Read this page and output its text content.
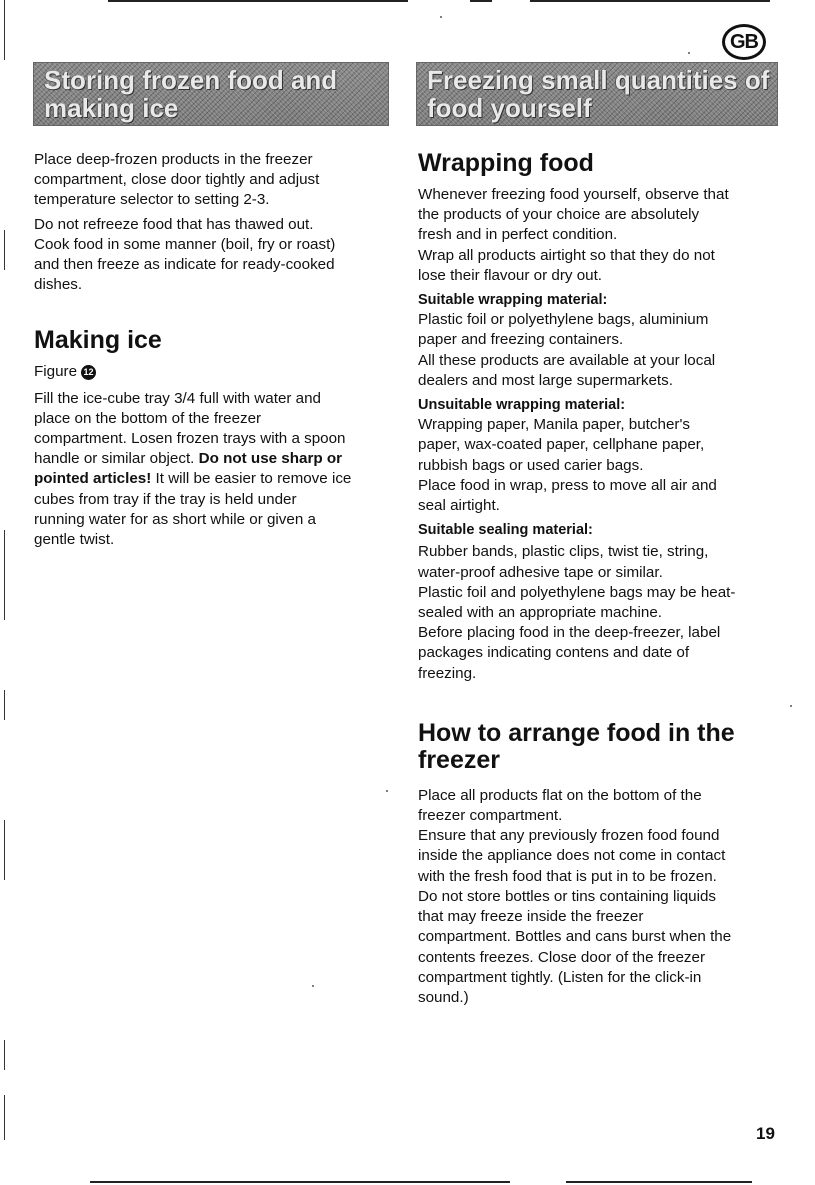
GB
Storing frozen food and
making ice
Freezing small quantities of
food yourself

Place deep-frozen products in the freezer
compartment, close door tightly and adjust
temperature selector to setting 2-3.

Do not refreeze food that has thawed out.
Cook food in some manner (boil, fry or roast)
and then freeze as indicate for ready-cooked
dishes.

Making ice
Figure 12

Fill the ice-cube tray 3/4 full with water and
place on the bottom of the freezer
compartment. Losen frozen trays with a spoon
handle or similar object. Do not use sharp or
pointed articles! It will be easier to remove ice
cubes from tray if the tray is held under
running water for as short while or given a
gentle twist.

Wrapping food

Whenever freezing food yourself, observe that
the products of your choice are absolutely
fresh and in perfect condition.
Wrap all products airtight so that they do not
lose their flavour or dry out.

Suitable wrapping material:
Plastic foil or polyethylene bags, aluminium
paper and freezing containers.
All these products are available at your local
dealers and most large supermarkets.

Unsuitable wrapping material:
Wrapping paper, Manila paper, butcher's
paper, wax-coated paper, cellphane paper,
rubbish bags or used carier bags.
Place food in wrap, press to move all air and
seal airtight.

Suitable sealing material:
Rubber bands, plastic clips, twist tie, string,
water-proof adhesive tape or similar.
Plastic foil and polyethylene bags may be heat-
sealed with an appropriate machine.
Before placing food in the deep-freezer, label
packages indicating contens and date of
freezing.

How to arrange food in the
freezer

Place all products flat on the bottom of the
freezer compartment.
Ensure that any previously frozen food found
inside the appliance does not come in contact
with the fresh food that is put in to be frozen.
Do not store bottles or tins containing liquids
that may freeze inside the freezer
compartment. Bottles and cans burst when the
contents freezes. Close door of the freezer
compartment tightly. (Listen for the click-in
sound.)

19
